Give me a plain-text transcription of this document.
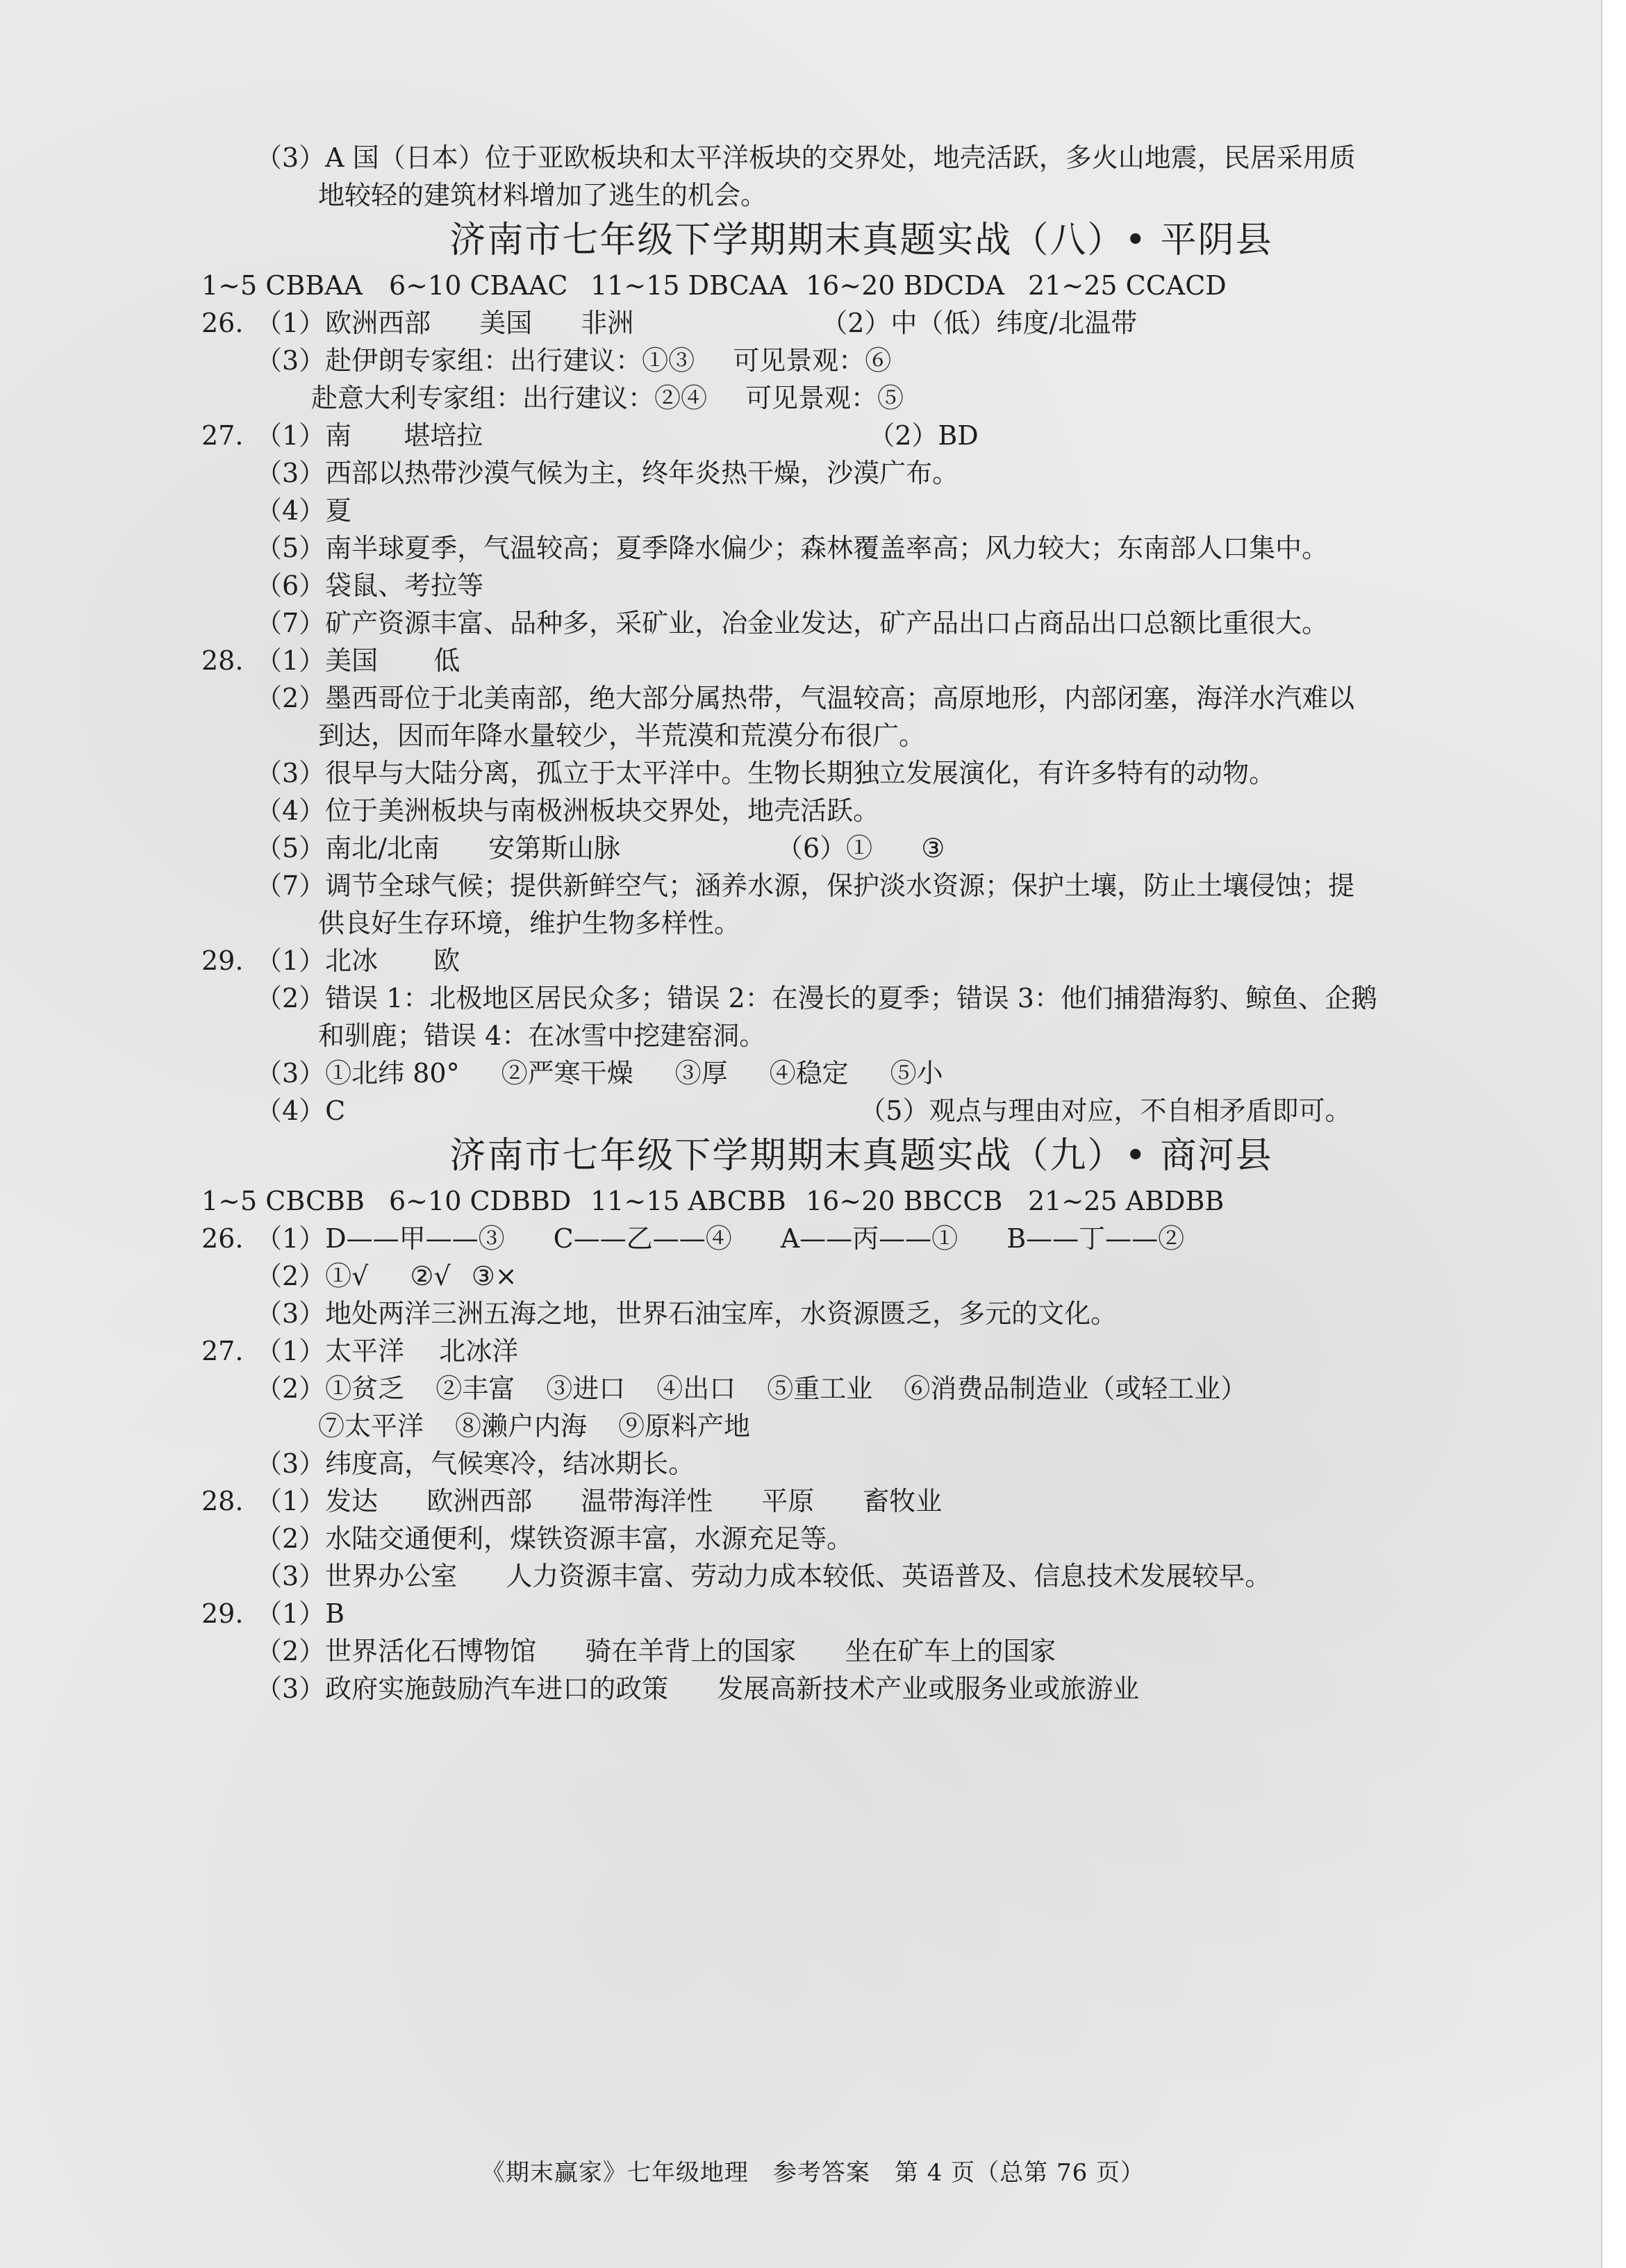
（3）A 国（日本）位于亚欧板块和太平洋板块的交界处，地壳活跃，多火山地震，民居采用质
地较轻的建筑材料增加了逃生的机会。
济南市七年级下学期期末真题实战（八）• 平阴县
1~5 CBBAA 6~10 CBAAC 11~15 DBCAA 16~20 BDCDA 21~25 CCACD
26. （1）欧洲西部 美国 非洲	（2）中（低）纬度/北温带
（3）赴伊朗专家组：出行建议：①③ 可见景观：⑥
赴意大利专家组：出行建议：②④ 可见景观：⑤
27. （1）南 堪培拉	（2）BD
（3）西部以热带沙漠气候为主，终年炎热干燥，沙漠广布。
（4）夏
（5）南半球夏季，气温较高；夏季降水偏少；森林覆盖率高；风力较大；东南部人口集中。
（6）袋鼠、考拉等
（7）矿产资源丰富、品种多，采矿业，冶金业发达，矿产品出口占商品出口总额比重很大。
28. （1）美国 低
（2）墨西哥位于北美南部，绝大部分属热带，气温较高；高原地形，内部闭塞，海洋水汽难以
到达，因而年降水量较少，半荒漠和荒漠分布很广。
（3）很早与大陆分离，孤立于太平洋中。生物长期独立发展演化，有许多特有的动物。
（4）位于美洲板块与南极洲板块交界处，地壳活跃。
（5）南北/北南 安第斯山脉	（6）① ③
（7）调节全球气候；提供新鲜空气；涵养水源，保护淡水资源；保护土壤，防止土壤侵蚀；提
供良好生存环境，维护生物多样性。
29. （1）北冰 欧
（2）错误 1：北极地区居民众多；错误 2：在漫长的夏季；错误 3：他们捕猎海豹、鲸鱼、企鹅
和驯鹿；错误 4：在冰雪中挖建窑洞。
（3）①北纬 80° ②严寒干燥 ③厚 ④稳定 ⑤小
（4）C	（5）观点与理由对应，不自相矛盾即可。
济南市七年级下学期期末真题实战（九）• 商河县
1~5 CBCBB 6~10 CDBBD 11~15 ABCBB 16~20 BBCCB 21~25 ABDBB
26. （1）D——甲——③ C——乙——④ A——丙——① B——丁——②
（2）①√ ②√ ③×
（3）地处两洋三洲五海之地，世界石油宝库，水资源匮乏，多元的文化。
27. （1）太平洋 北冰洋
（2）①贫乏 ②丰富 ③进口 ④出口 ⑤重工业 ⑥消费品制造业（或轻工业）
⑦太平洋 ⑧濑户内海 ⑨原料产地
（3）纬度高，气候寒冷，结冰期长。
28. （1）发达 欧洲西部 温带海洋性 平原 畜牧业
（2）水陆交通便利，煤铁资源丰富，水源充足等。
（3）世界办公室 人力资源丰富、劳动力成本较低、英语普及、信息技术发展较早。
29. （1）B
（2）世界活化石博物馆 骑在羊背上的国家 坐在矿车上的国家
（3）政府实施鼓励汽车进口的政策 发展高新技术产业或服务业或旅游业
《期末赢家》七年级地理　参考答案　第 4 页（总第 76 页）
